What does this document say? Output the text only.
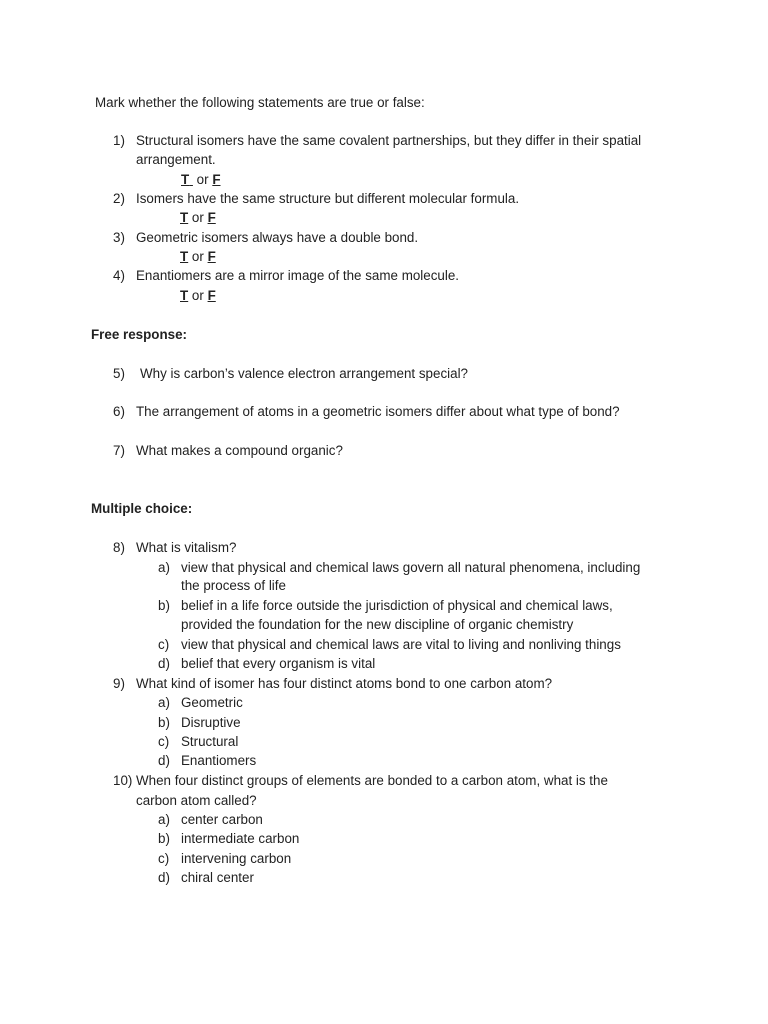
Mark whether the following statements are true or false:
1) Structural isomers have the same covalent partnerships, but they differ in their spatial
arrangement.
T or F
2) Isomers have the same structure but different molecular formula.
T or F
3) Geometric isomers always have a double bond.
T or F
4) Enantiomers are a mirror image of the same molecule.
T or F
Free response:
5) Why is carbon’s valence electron arrangement special?
6) The arrangement of atoms in a geometric isomers differ about what type of bond?
7) What makes a compound organic?
Multiple choice:
8) What is vitalism?
a) view that physical and chemical laws govern all natural phenomena, including
the process of life
b) belief in a life force outside the jurisdiction of physical and chemical laws,
provided the foundation for the new discipline of organic chemistry
c) view that physical and chemical laws are vital to living and nonliving things
d) belief that every organism is vital
9) What kind of isomer has four distinct atoms bond to one carbon atom?
a) Geometric
b) Disruptive
c) Structural
d) Enantiomers
10) When four distinct groups of elements are bonded to a carbon atom, what is the
carbon atom called?
a) center carbon
b) intermediate carbon
c) intervening carbon
d) chiral center
